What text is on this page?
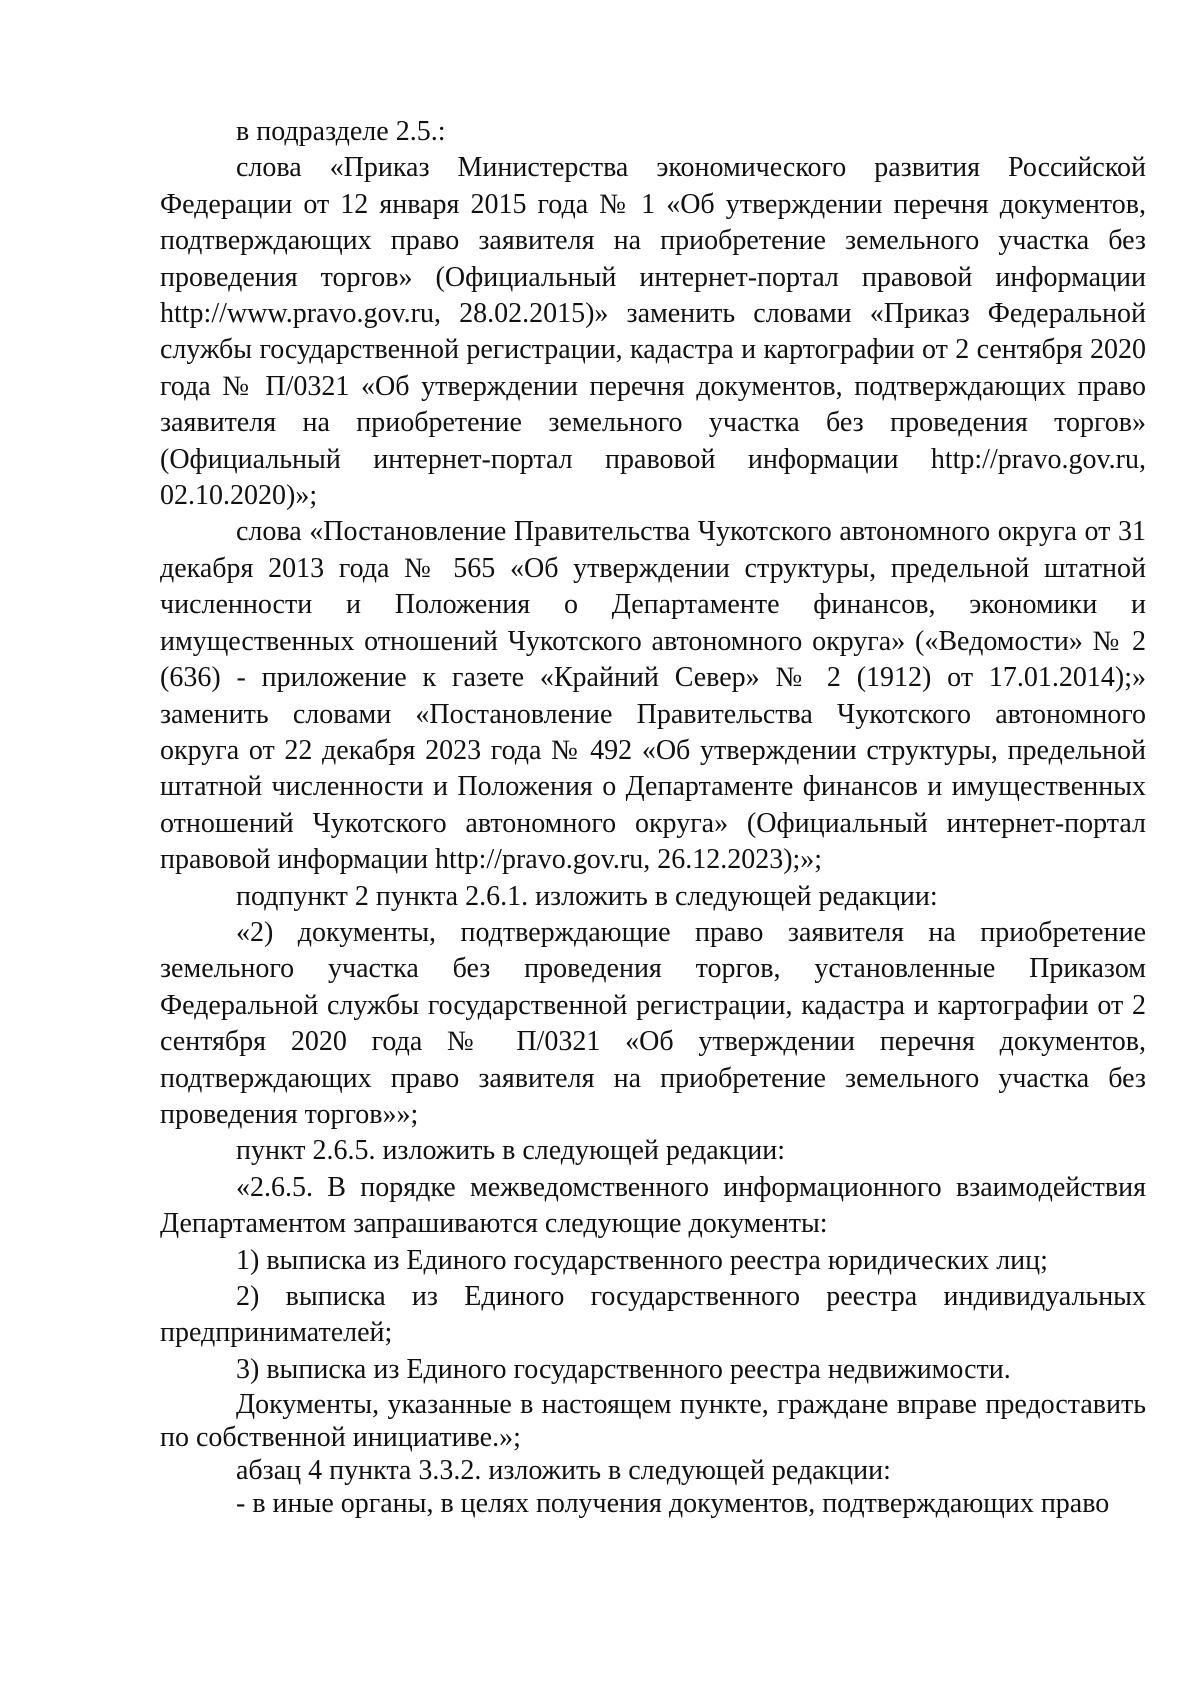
в подразделе 2.5.:

слова «Приказ Министерства экономического развития Российской Федерации от 12 января 2015 года № 1 «Об утверждении перечня документов, подтверждающих право заявителя на приобретение земельного участка без проведения торгов» (Официальный интернет-портал правовой информации http://www.pravo.gov.ru, 28.02.2015)» заменить словами «Приказ Федеральной службы государственной регистрации, кадастра и картографии от 2 сентября 2020 года № П/0321 «Об утверждении перечня документов, подтверждающих право заявителя на приобретение земельного участка без проведения торгов» (Официальный интернет-портал правовой информации http://pravo.gov.ru, 02.10.2020)»;

слова «Постановление Правительства Чукотского автономного округа от 31 декабря 2013 года № 565 «Об утверждении структуры, предельной штатной численности и Положения о Департаменте финансов, экономики и имущественных отношений Чукотского автономного округа» («Ведомости» № 2 (636) - приложение к газете «Крайний Север» № 2 (1912) от 17.01.2014);» заменить словами «Постановление Правительства Чукотского автономного округа от 22 декабря 2023 года № 492 «Об утверждении структуры, предельной штатной численности и Положения о Департаменте финансов и имущественных отношений Чукотского автономного округа» (Официальный интернет-портал правовой информации http://pravo.gov.ru, 26.12.2023);»;

подпункт 2 пункта 2.6.1. изложить в следующей редакции:

«2) документы, подтверждающие право заявителя на приобретение земельного участка без проведения торгов, установленные Приказом Федеральной службы государственной регистрации, кадастра и картографии от 2 сентября 2020 года № П/0321 «Об утверждении перечня документов, подтверждающих право заявителя на приобретение земельного участка без проведения торгов»»;

пункт 2.6.5. изложить в следующей редакции:

«2.6.5. В порядке межведомственного информационного взаимодействия Департаментом запрашиваются следующие документы:

1) выписка из Единого государственного реестра юридических лиц;

2) выписка из Единого государственного реестра индивидуальных предпринимателей;

3) выписка из Единого государственного реестра недвижимости.

Документы, указанные в настоящем пункте, граждане вправе предоставить по собственной инициативе.»;

абзац 4 пункта 3.3.2. изложить в следующей редакции:

- в иные органы, в целях получения документов, подтверждающих право
